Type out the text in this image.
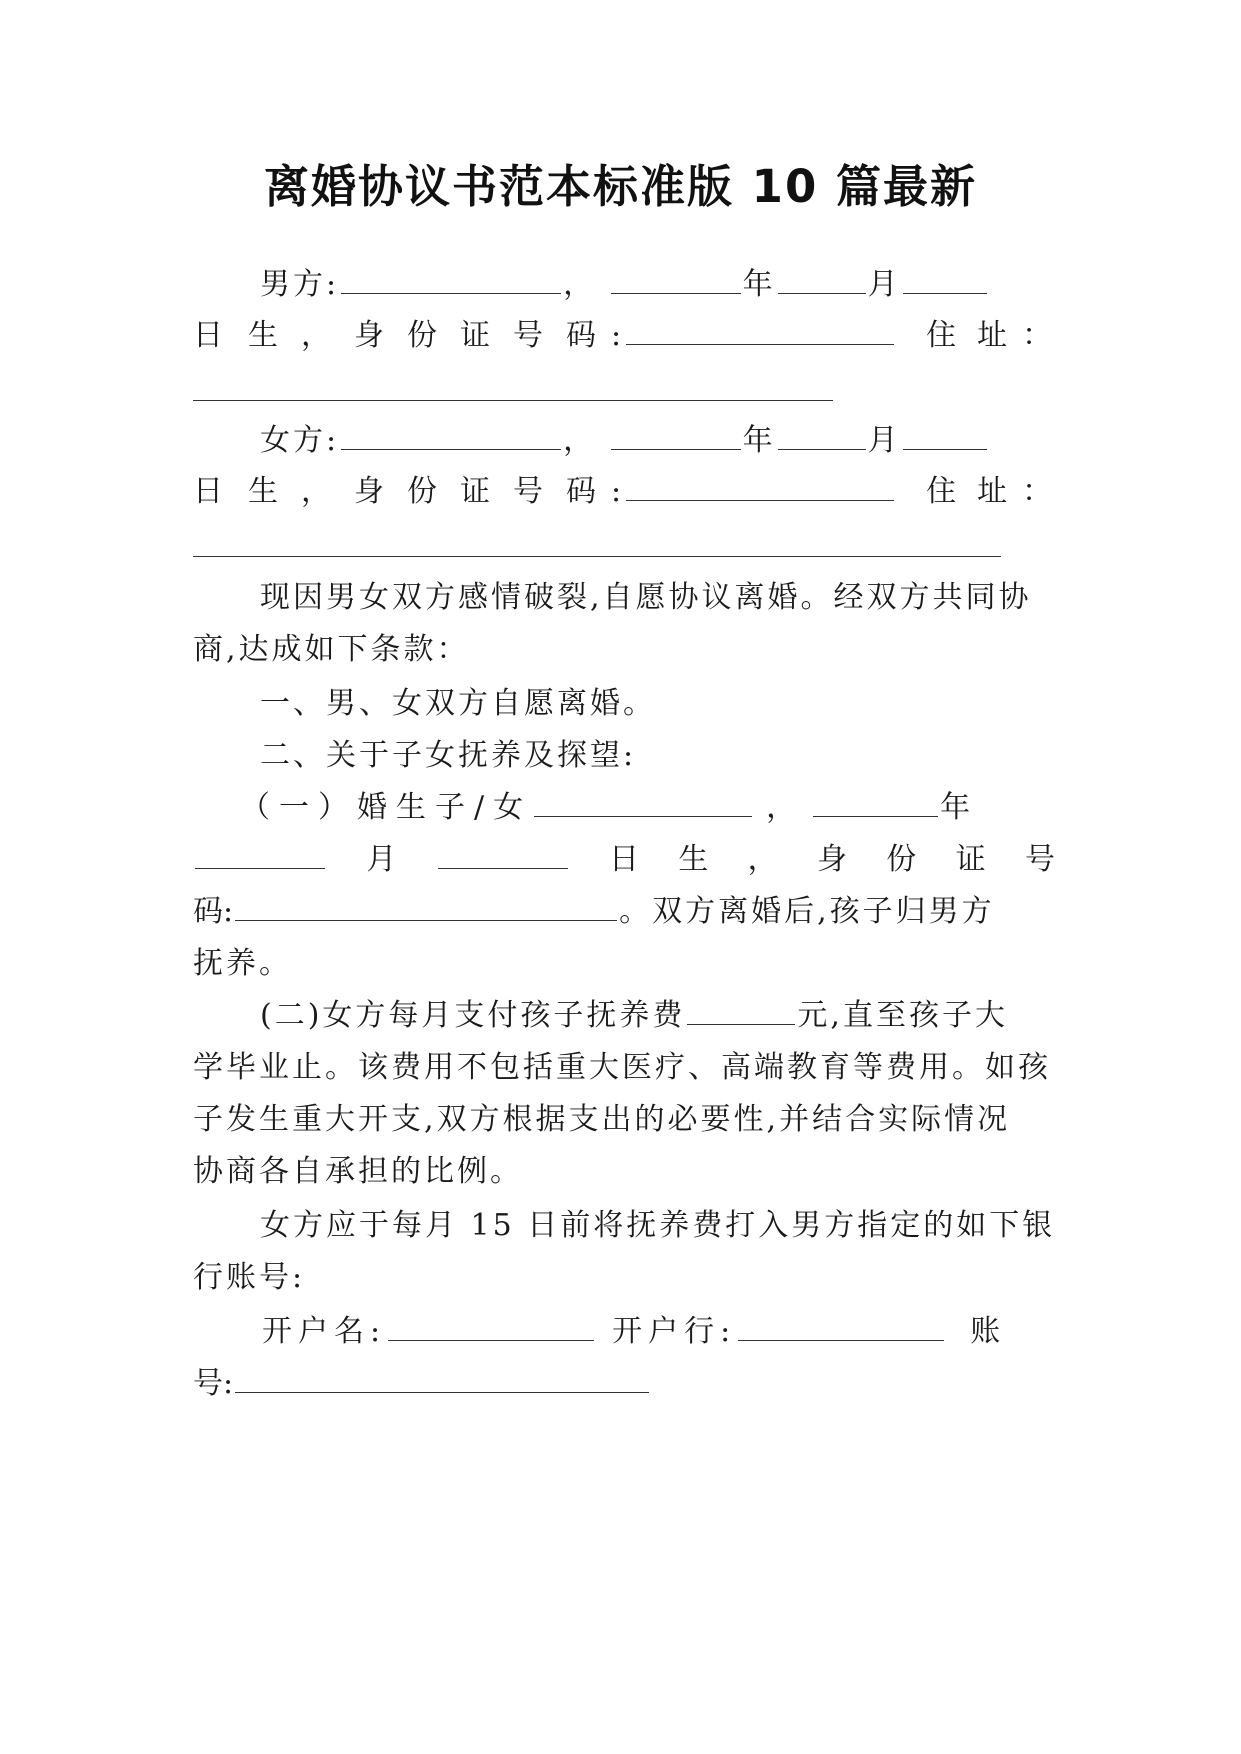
离婚协议书范本标准版 10 篇最新
男方:	，	年	月
日 生 ， 身 份 证 号 码 :	住 址 ：
女方:	，	年	月
日 生 ， 身 份 证 号 码 :	住 址 ：
现因男女双方感情破裂,自愿协议离婚。经双方共同协
商,达成如下条款：
一、男、女双方自愿离婚。
二、关于子女抚养及探望:
（一）婚生子/女	，	年
月	日 生 ， 身 份 证 号
码:	。双方离婚后,孩子归男方
抚养。
(二)女方每月支付孩子抚养费	元,直至孩子大
学毕业止。该费用不包括重大医疗、高端教育等费用。如孩
子发生重大开支,双方根据支出的必要性,并结合实际情况
协商各自承担的比例。
女方应于每月 15 日前将抚养费打入男方指定的如下银
行账号:
开户名:	开户行:	账
号:
